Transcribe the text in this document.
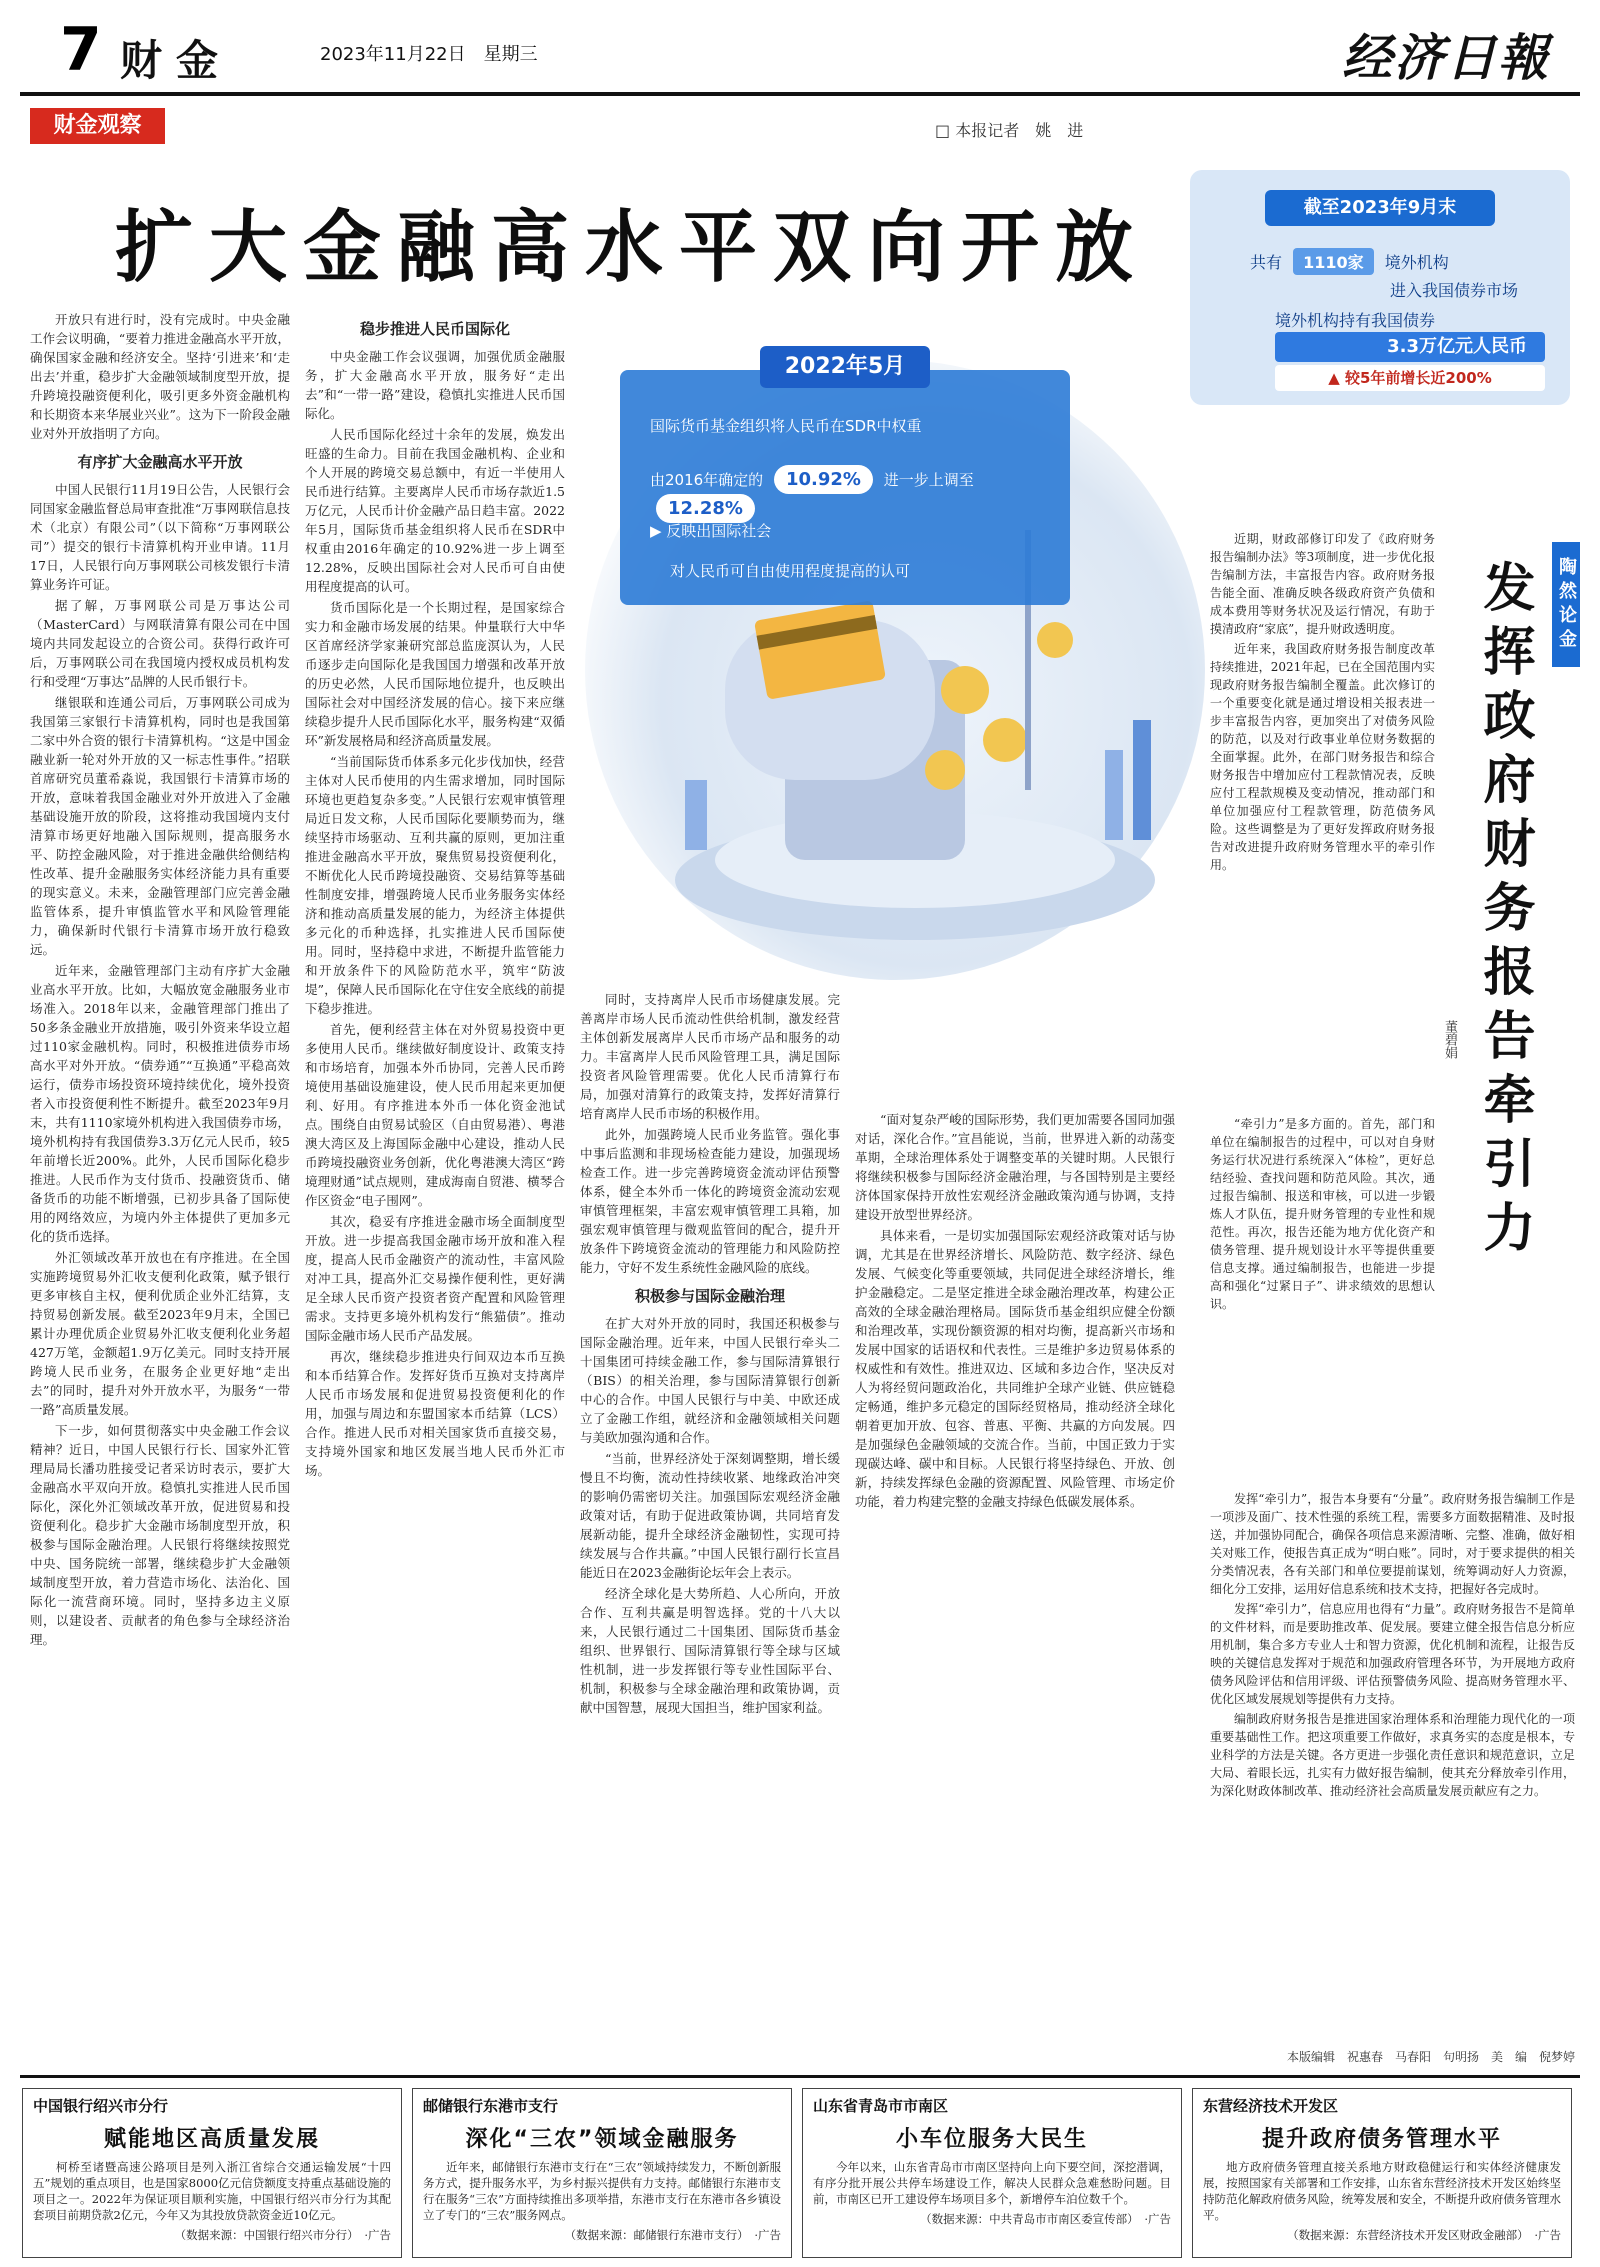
7 财金	2023年11月22日　星期三	经济日報
财金观察	□ 本报记者　姚　进
扩大金融高水平双向开放	截至2023年9月末
共有 1110家 境外机构
进入我国债券市场
境外机构持有我国债券
3.3万亿元人民币
▲ 较5年前增长近200%
2022年5月
国际货币基金组织将人民币在SDR中权重
由2016年确定的 10.92% 进一步上调至 12.28%
▶ 反映出国际社会
对人民币可自由使用程度提高的认可

开放只有进行时，没有完成时。中央金融工作会议明确，“要着力推进金融高水平开放，确保国家金融和经济安全。坚持‘引进来’和‘走出去’并重，稳步扩大金融领域制度型开放，提升跨境投融资便利化，吸引更多外资金融机构和长期资本来华展业兴业”。这为下一阶段金融业对外开放指明了方向。

有序扩大金融高水平开放

中国人民银行11月19日公告，人民银行会同国家金融监督总局审查批准“万事网联信息技术（北京）有限公司”（以下简称“万事网联公司”）提交的银行卡清算机构开业申请。11月17日，人民银行向万事网联公司核发银行卡清算业务许可证。

据了解，万事网联公司是万事达公司（MasterCard）与网联清算有限公司在中国境内共同发起设立的合资公司。获得行政许可后，万事网联公司在我国境内授权成员机构发行和受理“万事达”品牌的人民币银行卡。

继银联和连通公司后，万事网联公司成为我国第三家银行卡清算机构，同时也是我国第二家中外合资的银行卡清算机构。“这是中国金融业新一轮对外开放的又一标志性事件。”招联首席研究员董希淼说，我国银行卡清算市场的开放，意味着我国金融业对外开放进入了金融基础设施开放的阶段，这将推动我国境内支付清算市场更好地融入国际规则，提高服务水平、防控金融风险，对于推进金融供给侧结构性改革、提升金融服务实体经济能力具有重要的现实意义。未来，金融管理部门应完善金融监管体系，提升审慎监管水平和风险管理能力，确保新时代银行卡清算市场开放行稳致远。

近年来，金融管理部门主动有序扩大金融业高水平开放。比如，大幅放宽金融服务业市场准入。2018年以来，金融管理部门推出了50多条金融业开放措施，吸引外资来华设立超过110家金融机构。同时，积极推进债券市场高水平对外开放。“债券通”“互换通”平稳高效运行，债券市场投资环境持续优化，境外投资者入市投资便利性不断提升。截至2023年9月末，共有1110家境外机构进入我国债券市场，境外机构持有我国债券3.3万亿元人民币，较5年前增长近200%。此外，人民币国际化稳步推进。人民币作为支付货币、投融资货币、储备货币的功能不断增强，已初步具备了国际使用的网络效应，为境内外主体提供了更加多元化的货币选择。

外汇领域改革开放也在有序推进。在全国实施跨境贸易外汇收支便利化政策，赋予银行更多审核自主权，便利优质企业外汇结算，支持贸易创新发展。截至2023年9月末，全国已累计办理优质企业贸易外汇收支便利化业务超427万笔，金额超1.9万亿美元。同时支持开展跨境人民币业务，在服务企业更好地“走出去”的同时，提升对外开放水平，为服务“一带一路”高质量发展。

下一步，如何贯彻落实中央金融工作会议精神？近日，中国人民银行行长、国家外汇管理局局长潘功胜接受记者采访时表示，要扩大金融高水平双向开放。稳慎扎实推进人民币国际化，深化外汇领域改革开放，促进贸易和投资便利化。稳步扩大金融市场制度型开放，积极参与国际金融治理。人民银行将继续按照党中央、国务院统一部署，继续稳步扩大金融领域制度型开放，着力营造市场化、法治化、国际化一流营商环境。同时，坚持多边主义原则，以建设者、贡献者的角色参与全球经济治理。

稳步推进人民币国际化

中央金融工作会议强调，加强优质金融服务，扩大金融高水平开放，服务好“走出去”和“一带一路”建设，稳慎扎实推进人民币国际化。

人民币国际化经过十余年的发展，焕发出旺盛的生命力。目前在我国金融机构、企业和个人开展的跨境交易总额中，有近一半使用人民币进行结算。主要离岸人民币市场存款近1.5万亿元，人民币计价金融产品日趋丰富。2022年5月，国际货币基金组织将人民币在SDR中权重由2016年确定的10.92%进一步上调至12.28%，反映出国际社会对人民币可自由使用程度提高的认可。

货币国际化是一个长期过程，是国家综合实力和金融市场发展的结果。仲量联行大中华区首席经济学家兼研究部总监庞溟认为，人民币逐步走向国际化是我国国力增强和改革开放的历史必然，人民币国际地位提升，也反映出国际社会对中国经济发展的信心。接下来应继续稳步提升人民币国际化水平，服务构建“双循环”新发展格局和经济高质量发展。

“当前国际货币体系多元化步伐加快，经营主体对人民币使用的内生需求增加，同时国际环境也更趋复杂多变。”人民银行宏观审慎管理局近日发文称，人民币国际化要顺势而为，继续坚持市场驱动、互利共赢的原则，更加注重推进金融高水平开放，聚焦贸易投资便利化，不断优化人民币跨境投融资、交易结算等基础性制度安排，增强跨境人民币业务服务实体经济和推动高质量发展的能力，为经济主体提供多元化的币种选择，扎实推进人民币国际使用。同时，坚持稳中求进，不断提升监管能力和开放条件下的风险防范水平，筑牢“防波堤”，保障人民币国际化在守住安全底线的前提下稳步推进。

首先，便利经营主体在对外贸易投资中更多使用人民币。继续做好制度设计、政策支持和市场培育，加强本外币协同，完善人民币跨境使用基础设施建设，使人民币用起来更加便利、好用。有序推进本外币一体化资金池试点。围绕自由贸易试验区（自由贸易港）、粤港澳大湾区及上海国际金融中心建设，推动人民币跨境投融资业务创新，优化粤港澳大湾区“跨境理财通”试点规则，建成海南自贸港、横琴合作区资金“电子围网”。

其次，稳妥有序推进金融市场全面制度型开放。进一步提高我国金融市场开放和准入程度，提高人民币金融资产的流动性，丰富风险对冲工具，提高外汇交易操作便利性，更好满足全球人民币资产投资者资产配置和风险管理需求。支持更多境外机构发行“熊猫债”。推动国际金融市场人民币产品发展。

再次，继续稳步推进央行间双边本币互换和本币结算合作。发挥好货币互换对支持离岸人民币市场发展和促进贸易投资便利化的作用，加强与周边和东盟国家本币结算（LCS）合作。推进人民币对相关国家货币直接交易，支持境外国家和地区发展当地人民币外汇市场。

同时，支持离岸人民币市场健康发展。完善离岸市场人民币流动性供给机制，激发经营主体创新发展离岸人民币市场产品和服务的动力。丰富离岸人民币风险管理工具，满足国际投资者风险管理需要。优化人民币清算行布局，加强对清算行的政策支持，发挥好清算行培育离岸人民币市场的积极作用。

此外，加强跨境人民币业务监管。强化事中事后监测和非现场检查能力建设，加强现场检查工作。进一步完善跨境资金流动评估预警体系，健全本外币一体化的跨境资金流动宏观审慎管理框架，丰富宏观审慎管理工具箱，加强宏观审慎管理与微观监管间的配合，提升开放条件下跨境资金流动的管理能力和风险防控能力，守好不发生系统性金融风险的底线。

积极参与国际金融治理

在扩大对外开放的同时，我国还积极参与国际金融治理。近年来，中国人民银行牵头二十国集团可持续金融工作，参与国际清算银行（BIS）的相关治理，参与国际清算银行创新中心的合作。中国人民银行与中美、中欧还成立了金融工作组，就经济和金融领域相关问题与美欧加强沟通和合作。

“当前，世界经济处于深刻调整期，增长缓慢且不均衡，流动性持续收紧、地缘政治冲突的影响仍需密切关注。加强国际宏观经济金融政策对话，有助于促进政策协调，共同培育发展新动能，提升全球经济金融韧性，实现可持续发展与合作共赢。”中国人民银行副行长宣昌能近日在2023金融街论坛年会上表示。

经济全球化是大势所趋、人心所向，开放合作、互利共赢是明智选择。党的十八大以来，人民银行通过二十国集团、国际货币基金组织、世界银行、国际清算银行等全球与区域性机制，进一步发挥银行等专业性国际平台、机制，积极参与全球金融治理和政策协调，贡献中国智慧，展现大国担当，维护国家利益。

“面对复杂严峻的国际形势，我们更加需要各国同加强对话，深化合作。”宣昌能说，当前，世界进入新的动荡变革期，全球治理体系处于调整变革的关键时期。人民银行将继续积极参与国际经济金融治理，与各国特别是主要经济体国家保持开放性宏观经济金融政策沟通与协调，支持建设开放型世界经济。

具体来看，一是切实加强国际宏观经济政策对话与协调，尤其是在世界经济增长、风险防范、数字经济、绿色发展、气候变化等重要领域，共同促进全球经济增长，维护金融稳定。二是坚定推进全球金融治理改革，构建公正高效的全球金融治理格局。国际货币基金组织应健全份额和治理改革，实现份额资源的相对均衡，提高新兴市场和发展中国家的话语权和代表性。三是维护多边贸易体系的权威性和有效性。推进双边、区域和多边合作，坚决反对人为将经贸问题政治化，共同维护全球产业链、供应链稳定畅通，维护多元稳定的国际经贸格局，推动经济全球化朝着更加开放、包容、普惠、平衡、共赢的方向发展。四是加强绿色金融领域的交流合作。当前，中国正致力于实现碳达峰、碳中和目标。人民银行将坚持绿色、开放、创新，持续发挥绿色金融的资源配置、风险管理、市场定价功能，着力构建完整的金融支持绿色低碳发展体系。

陶然论金
发挥政府财务报告牵引力
董碧娟

近期，财政部修订印发了《政府财务报告编制办法》等3项制度，进一步优化报告编制方法，丰富报告内容。政府财务报告能全面、准确反映各级政府资产负债和成本费用等财务状况及运行情况，有助于摸清政府“家底”，提升财政透明度。

近年来，我国政府财务报告制度改革持续推进，2021年起，已在全国范围内实现政府财务报告编制全覆盖。此次修订的一个重要变化就是通过增设相关报表进一步丰富报告内容，更加突出了对债务风险的防范，以及对行政事业单位财务数据的全面掌握。此外，在部门财务报告和综合财务报告中增加应付工程款情况表，反映应付工程款规模及变动情况，推动部门和单位加强应付工程款管理，防范债务风险。这些调整是为了更好发挥政府财务报告对改进提升政府财务管理水平的牵引作用。

“牵引力”是多方面的。首先，部门和单位在编制报告的过程中，可以对自身财务运行状况进行系统深入“体检”，更好总结经验、查找问题和防范风险。其次，通过报告编制、报送和审核，可以进一步锻炼人才队伍，提升财务管理的专业性和规范性。再次，报告还能为地方优化资产和债务管理、提升规划设计水平等提供重要信息支撑。通过编制报告，也能进一步提高和强化“过紧日子”、讲求绩效的思想认识。

发挥“牵引力”，报告本身要有“分量”。政府财务报告编制工作是一项涉及面广、技术性强的系统工程，需要多方面数据精准、及时报送，并加强协同配合，确保各项信息来源清晰、完整、准确，做好相关对账工作，使报告真正成为“明白账”。同时，对于要求提供的相关分类情况表，各有关部门和单位要提前谋划，统筹调动好人力资源，细化分工安排，运用好信息系统和技术支持，把握好各完成时。

发挥“牵引力”，信息应用也得有“力量”。政府财务报告不是简单的文件材料，而是要助推改革、促发展。要建立健全报告信息分析应用机制，集合多方专业人士和智力资源，优化机制和流程，让报告反映的关键信息发挥对于规范和加强政府管理各环节，为开展地方政府债务风险评估和信用评级、评估预警债务风险、提高财务管理水平、优化区域发展规划等提供有力支持。

编制政府财务报告是推进国家治理体系和治理能力现代化的一项重要基础性工作。把这项重要工作做好，求真务实的态度是根本，专业科学的方法是关键。各方更进一步强化责任意识和规范意识，立足大局、着眼长远，扎实有力做好报告编制，使其充分释放牵引作用，为深化财政体制改革、推动经济社会高质量发展贡献应有之力。

本版编辑　祝惠春　马春阳　句明扬　美　编　倪梦婷
中国银行绍兴市分行
赋能地区高质量发展
柯桥至诸暨高速公路项目是列入浙江省综合交通运输发展“十四五”规划的重点项目，也是国家8000亿元信贷额度支持重点基础设施的项目之一。2022年为保证项目顺利实施，中国银行绍兴市分行为其配套项目前期贷款2亿元，今年又为其投放贷款资金近10亿元。
（数据来源：中国银行绍兴市分行）　·广告
邮储银行东港市支行
深化“三农”领域金融服务
近年来，邮储银行东港市支行在“三农”领域持续发力，不断创新服务方式，提升服务水平，为乡村振兴提供有力支持。邮储银行东港市支行在服务“三农”方面持续推出多项举措，东港市支行在东港市各乡镇设立了专门的“三农”服务网点。
（数据来源：邮储银行东港市支行）　·广告
山东省青岛市市南区
小车位服务大民生
今年以来，山东省青岛市市南区坚持向上向下要空间，深挖潜调，有序分批开展公共停车场建设工作，解决人民群众急难愁盼问题。目前，市南区已开工建设停车场项目多个，新增停车泊位数千个。
（数据来源：中共青岛市市南区委宣传部）　·广告
东营经济技术开发区
提升政府债务管理水平
地方政府债务管理直接关系地方财政稳健运行和实体经济健康发展，按照国家有关部署和工作安排，山东省东营经济技术开发区始终坚持防范化解政府债务风险，统筹发展和安全，不断提升政府债务管理水平。
（数据来源：东营经济技术开发区财政金融部）　·广告
